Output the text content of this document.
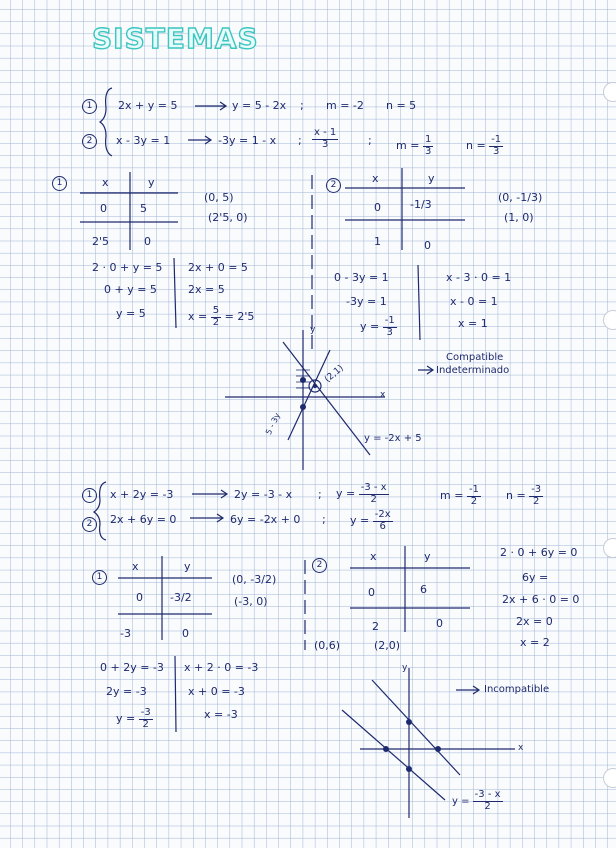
SISTEMAS
1	2x + y = 5	y = 5 - 2x ; m = -2 n = 5
2	x - 3y = 1	-3y = 1 - x ; $\frac{x - 1}{3}$	; $m = \frac{1}{3}$	$n = \frac{-1}{3}$
1	x	y
0	5
2'5	0
(0, 5)
(2'5, 0)
2	x	y
0	-1/3
1	0
(0, -1/3)
(1, 0)
2 · 0 + y = 5
0 + y = 5
y = 5
2x + 0 = 5
2x = 5
$x = \frac{5}{2} = 2'5$
0 - 3y = 1
-3y = 1
$y = \frac{-1}{3}$
x - 3 · 0 = 1
x - 0 = 1
x = 1
Compatible
Indeterminado
y
x
(2,1)
y = -2x + 5
5 - 3y
1	x + 2y = -3	2y = -3 - x ; $y = \frac{-3 - x}{2}$	$m = \frac{-1}{2}$ $n = \frac{-3}{2}$
2	2x + 6y = 0	6y = -2x + 0 ; $y = \frac{-2x}{6}$
1
x	y
0 -3/2
-3	0
(0, -3/2)
(-3, 0)
2
x	y
0	6
2	0
(0,6)	(2,0)
2 · 0 + 6y = 0
6y =
2x + 6 · 0 = 0
2x = 0
x = 2
0 + 2y = -3
2y = -3
$y = \frac{-3}{2}$
x + 2 · 0 = -3
x + 0 = -3
x = -3
Incompatible
y
x
$y = \frac{-3 - x}{2}$
